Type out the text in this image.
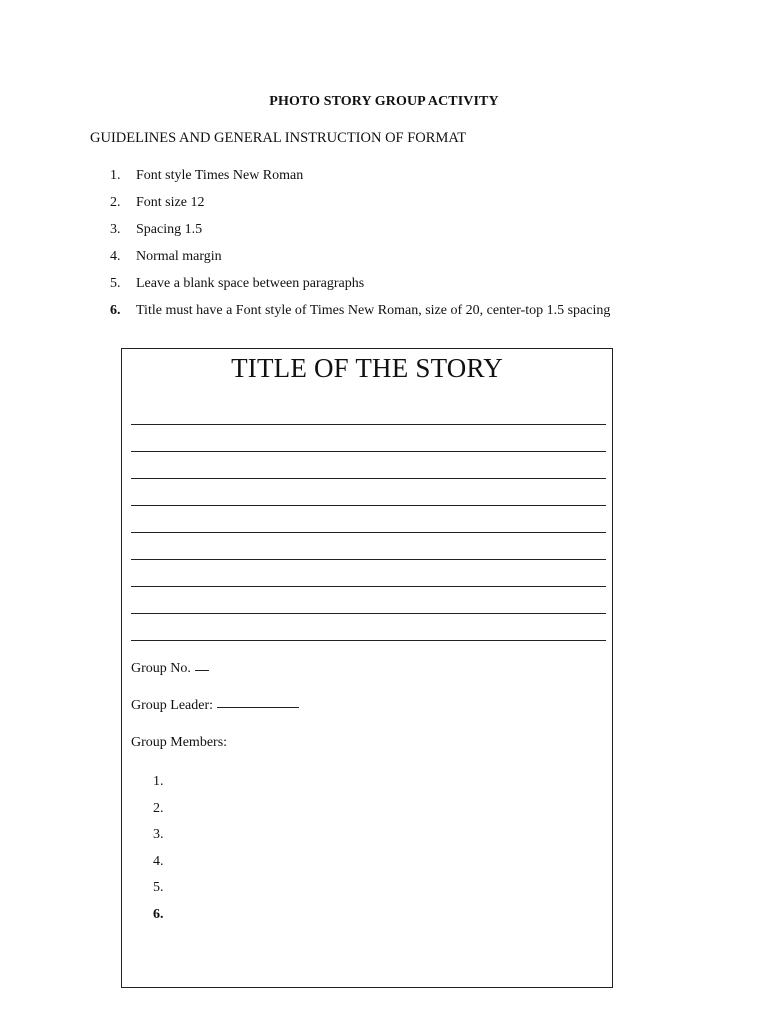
PHOTO STORY GROUP ACTIVITY
GUIDELINES AND GENERAL INSTRUCTION OF FORMAT
1.	Font style Times New Roman
2.	Font size 12
3.	Spacing 1.5
4.	Normal margin
5.	Leave a blank space between paragraphs
6.	Title must have a Font style of Times New Roman, size of 20, center-top 1.5 spacing
TITLE OF THE STORY
Group No.
Group Leader:
Group Members:
1.
2.
3.
4.
5.
6.
